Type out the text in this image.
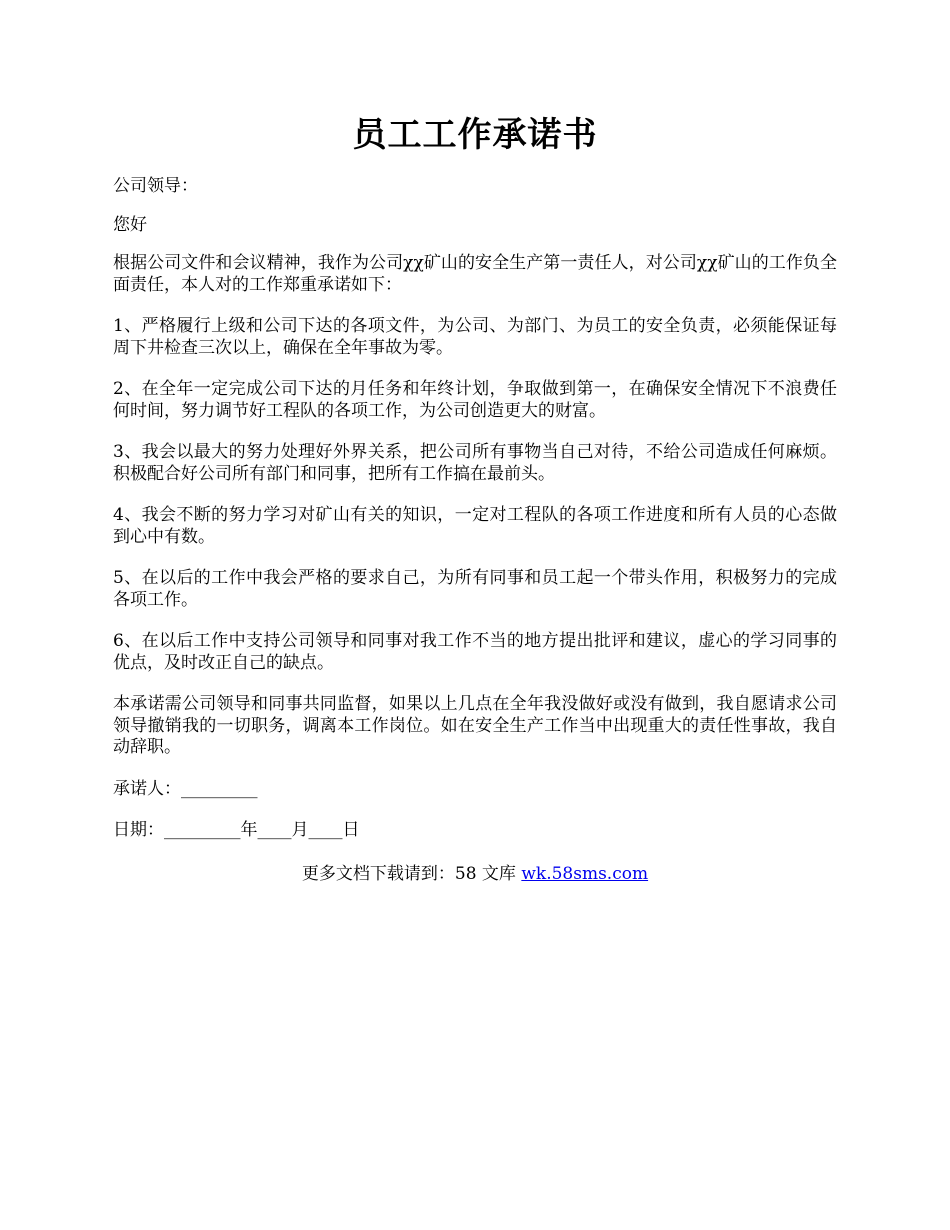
员工工作承诺书

公司领导：

您好

根据公司文件和会议精神，我作为公司χχ矿山的安全生产第一责任人，对公司χχ矿山的工作负全面责任，本人对的工作郑重承诺如下：

1、严格履行上级和公司下达的各项文件，为公司、为部门、为员工的安全负责，必须能保证每周下井检查三次以上，确保在全年事故为零。

2、在全年一定完成公司下达的月任务和年终计划，争取做到第一，在确保安全情况下不浪费任何时间，努力调节好工程队的各项工作，为公司创造更大的财富。

3、我会以最大的努力处理好外界关系，把公司所有事物当自己对待，不给公司造成任何麻烦。积极配合好公司所有部门和同事，把所有工作搞在最前头。

4、我会不断的努力学习对矿山有关的知识，一定对工程队的各项工作进度和所有人员的心态做到心中有数。

5、在以后的工作中我会严格的要求自己，为所有同事和员工起一个带头作用，积极努力的完成各项工作。

6、在以后工作中支持公司领导和同事对我工作不当的地方提出批评和建议，虚心的学习同事的优点，及时改正自己的缺点。

本承诺需公司领导和同事共同监督，如果以上几点在全年我没做好或没有做到，我自愿请求公司领导撤销我的一切职务，调离本工作岗位。如在安全生产工作当中出现重大的责任性事故，我自动辞职。

承诺人：_________

日期：_________年____月____日

更多文档下载请到：58 文库 wk.58sms.com
